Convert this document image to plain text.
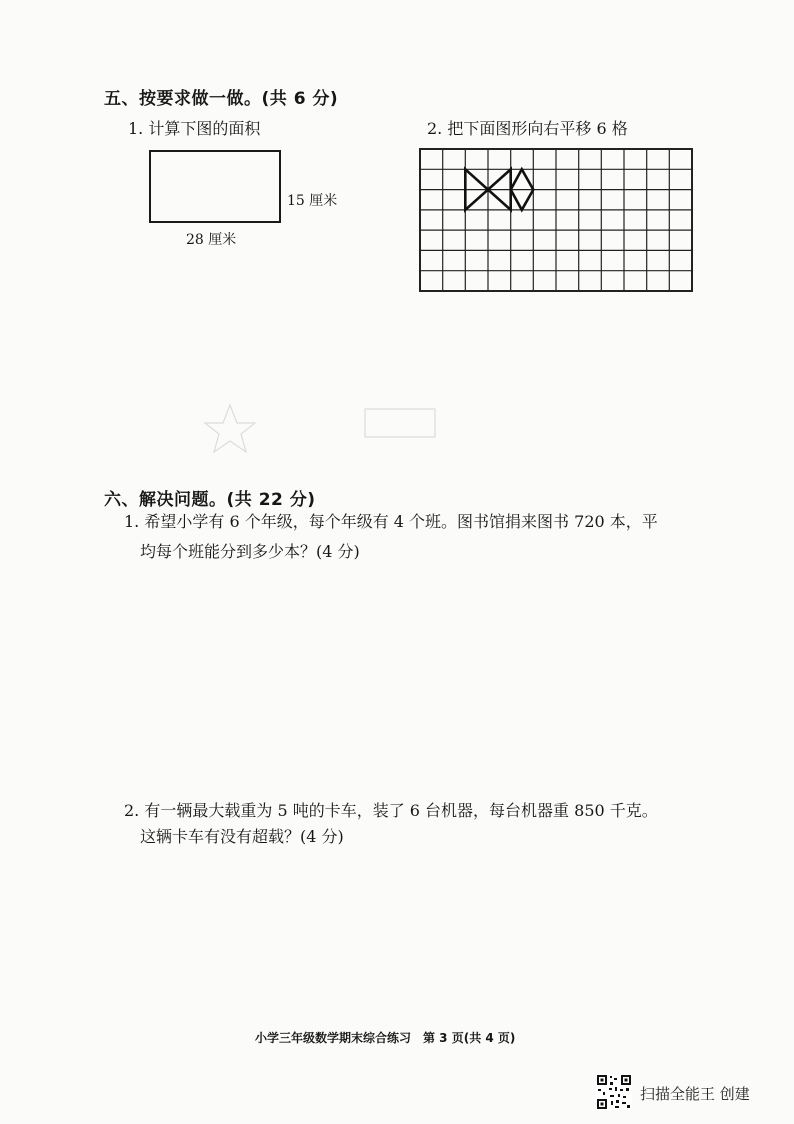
五、按要求做一做。(共 6 分)
1. 计算下图的面积
15 厘米
28 厘米
2. 把下面图形向右平移 6 格
六、解决问题。(共 22 分)
1. 希望小学有 6 个年级，每个年级有 4 个班。图书馆捐来图书 720 本，平
均每个班能分到多少本？(4 分)
2. 有一辆最大载重为 5 吨的卡车，装了 6 台机器，每台机器重 850 千克。
这辆卡车有没有超载？(4 分)
小学三年级数学期末综合练习　第 3 页(共 4 页)
扫描全能王 创建
